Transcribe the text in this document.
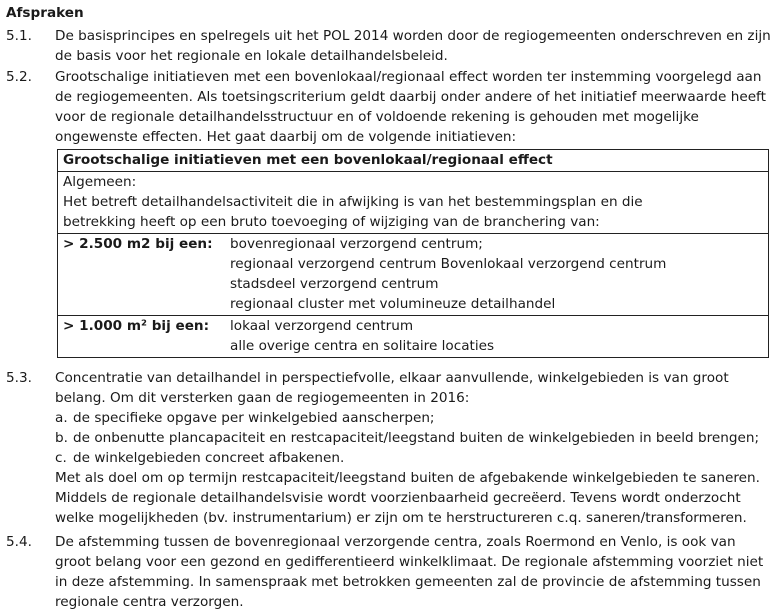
Afspraken
5.1.	De basisprincipes en spelregels uit het POL 2014 worden door de regiogemeenten onderschreven en zijn
de basis voor het regionale en lokale detailhandelsbeleid.
5.2.	Grootschalige initiatieven met een bovenlokaal/regionaal effect worden ter instemming voorgelegd aan
de regiogemeenten. Als toetsingscriterium geldt daarbij onder andere of het initiatief meerwaarde heeft
voor de regionale detailhandelsstructuur en of voldoende rekening is gehouden met mogelijke
ongewenste effecten. Het gaat daarbij om de volgende initiatieven:
Grootschalige initiatieven met een bovenlokaal/regionaal effect
Algemeen:
Het betreft detailhandelsactiviteit die in afwijking is van het bestemmingsplan en die
betrekking heeft op een bruto toevoeging of wijziging van de branchering van:
> 2.500 m2 bij een: bovenregionaal verzorgend centrum;
regionaal verzorgend centrum Bovenlokaal verzorgend centrum
stadsdeel verzorgend centrum
regionaal cluster met volumineuze detailhandel
> 1.000 m² bij een: lokaal verzorgend centrum
alle overige centra en solitaire locaties
5.3.	Concentratie van detailhandel in perspectiefvolle, elkaar aanvullende, winkelgebieden is van groot
belang. Om dit versterken gaan de regiogemeenten in 2016:
a. de specifieke opgave per winkelgebied aanscherpen;
b. de onbenutte plancapaciteit en restcapaciteit/leegstand buiten de winkelgebieden in beeld brengen;
c. de winkelgebieden concreet afbakenen.
Met als doel om op termijn restcapaciteit/leegstand buiten de afgebakende winkelgebieden te saneren.
Middels de regionale detailhandelsvisie wordt voorzienbaarheid gecreëerd. Tevens wordt onderzocht
welke mogelijkheden (bv. instrumentarium) er zijn om te herstructureren c.q. saneren/transformeren.
5.4.	De afstemming tussen de bovenregionaal verzorgende centra, zoals Roermond en Venlo, is ook van
groot belang voor een gezond en gedifferentieerd winkelklimaat. De regionale afstemming voorziet niet
in deze afstemming. In samenspraak met betrokken gemeenten zal de provincie de afstemming tussen
regionale centra verzorgen.
